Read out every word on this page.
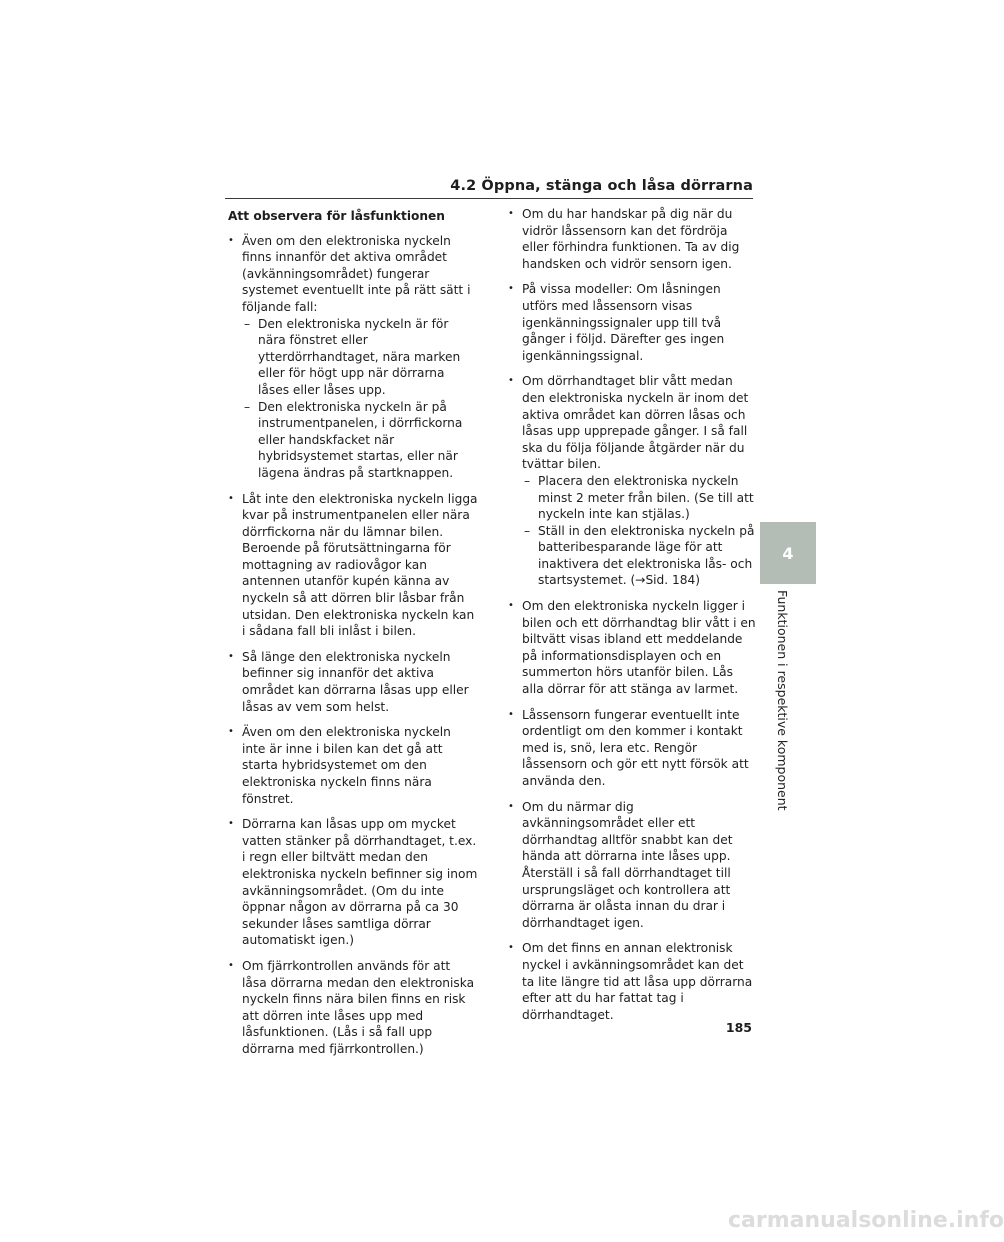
4.2 Öppna, stänga och låsa dörrarna
Att observera för låsfunktionen
• Även om den elektroniska nyckeln finns innanför det aktiva området (avkänningsområdet) fungerar systemet eventuellt inte på rätt sätt i följande fall:
– Den elektroniska nyckeln är för nära fönstret eller ytterdörrhandtaget, nära marken eller för högt upp när dörrarna låses eller låses upp.
– Den elektroniska nyckeln är på instrumentpanelen, i dörrfickorna eller handskfacket när hybridsystemet startas, eller när lägena ändras på startknappen.
• Låt inte den elektroniska nyckeln ligga kvar på instrumentpanelen eller nära dörrfickorna när du lämnar bilen. Beroende på förutsättningarna för mottagning av radiovågor kan antennen utanför kupén känna av nyckeln så att dörren blir låsbar från utsidan. Den elektroniska nyckeln kan i sådana fall bli inlåst i bilen.
• Så länge den elektroniska nyckeln befinner sig innanför det aktiva området kan dörrarna låsas upp eller låsas av vem som helst.
• Även om den elektroniska nyckeln inte är inne i bilen kan det gå att starta hybridsystemet om den elektroniska nyckeln finns nära fönstret.
• Dörrarna kan låsas upp om mycket vatten stänker på dörrhandtaget, t.ex. i regn eller biltvätt medan den elektroniska nyckeln befinner sig inom avkänningsområdet. (Om du inte öppnar någon av dörrarna på ca 30 sekunder låses samtliga dörrar automatiskt igen.)
• Om fjärrkontrollen används för att låsa dörrarna medan den elektroniska nyckeln finns nära bilen finns en risk att dörren inte låses upp med låsfunktionen. (Lås i så fall upp dörrarna med fjärrkontrollen.)
• Om du har handskar på dig när du vidrör låssensorn kan det fördröja eller förhindra funktionen. Ta av dig handsken och vidrör sensorn igen.
• På vissa modeller: Om låsningen utförs med låssensorn visas igenkänningssignaler upp till två gånger i följd. Därefter ges ingen igenkänningssignal.
• Om dörrhandtaget blir vått medan den elektroniska nyckeln är inom det aktiva området kan dörren låsas och låsas upp upprepade gånger. I så fall ska du följa följande åtgärder när du tvättar bilen.
– Placera den elektroniska nyckeln minst 2 meter från bilen. (Se till att nyckeln inte kan stjälas.)
– Ställ in den elektroniska nyckeln på batteribesparande läge för att inaktivera det elektroniska lås- och startsystemet. (→Sid. 184)
• Om den elektroniska nyckeln ligger i bilen och ett dörrhandtag blir vått i en biltvätt visas ibland ett meddelande på informationsdisplayen och en summerton hörs utanför bilen. Lås alla dörrar för att stänga av larmet.
• Låssensorn fungerar eventuellt inte ordentligt om den kommer i kontakt med is, snö, lera etc. Rengör låssensorn och gör ett nytt försök att använda den.
• Om du närmar dig avkänningsområdet eller ett dörrhandtag alltför snabbt kan det hända att dörrarna inte låses upp. Återställ i så fall dörrhandtaget till ursprungsläget och kontrollera att dörrarna är olåsta innan du drar i dörrhandtaget igen.
• Om det finns en annan elektronisk nyckel i avkänningsområdet kan det ta lite längre tid att låsa upp dörrarna efter att du har fattat tag i dörrhandtaget.
4
Funktionen i respektive komponent
185
carmanualsonline.info
